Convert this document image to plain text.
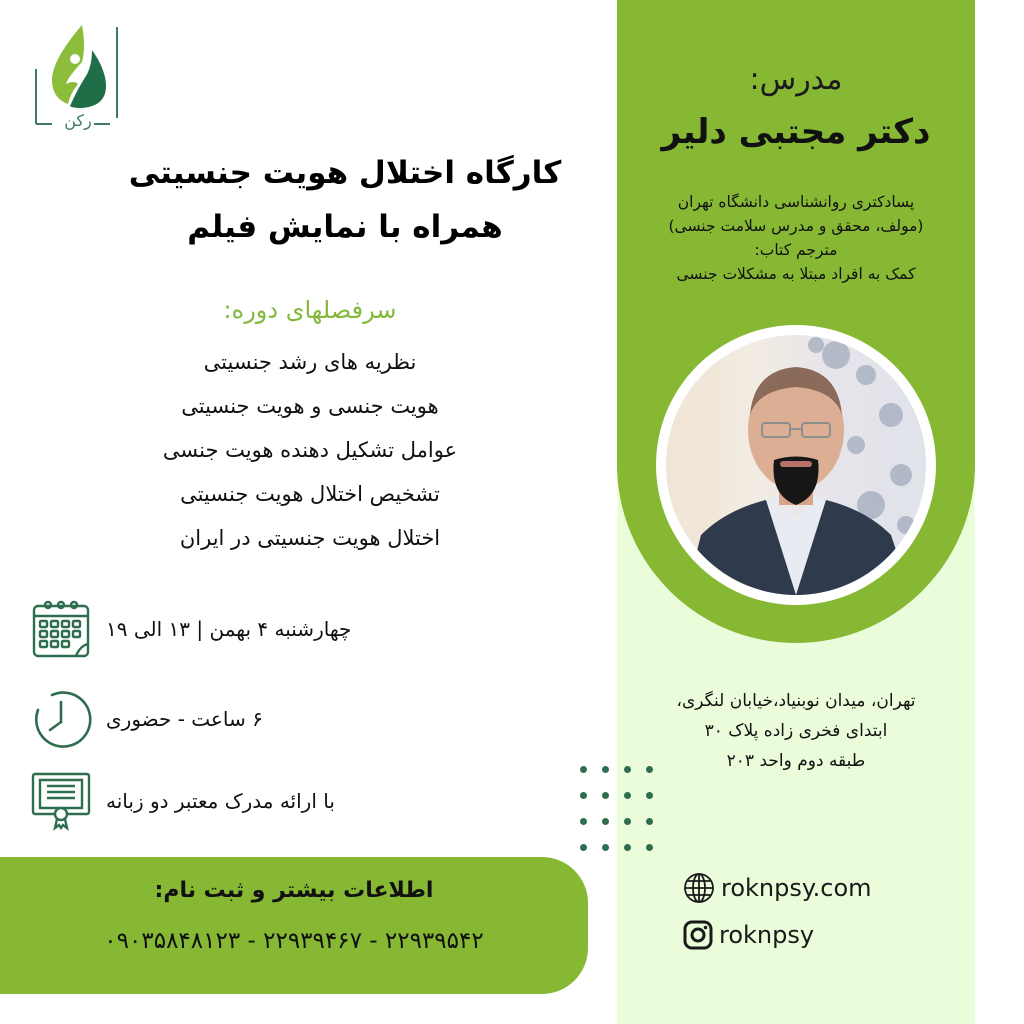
مدرس:
دکتر مجتبی دلیر
پسادکتری روانشناسی دانشگاه تهران
(مولف، محقق و مدرس سلامت جنسی)
مترجم کتاب:
کمک به افراد مبتلا به مشکلات جنسی
تهران، میدان نوبنیاد،خیابان لنگری،
ابتدای فخری زاده پلاک ۳۰
طبقه دوم واحد ۲۰۳
roknpsy.com
roknpsy
رکن
کارگاه اختلال هویت جنسیتی
همراه با نمایش فیلم
سرفصلهای دوره:
نظریه های رشد جنسیتی
هویت جنسی و هویت جنسیتی
عوامل تشکیل دهنده هویت جنسی
تشخیص اختلال هویت جنسیتی
اختلال هویت جنسیتی در ایران
چهارشنبه ۴ بهمن | ۱۳ الی ۱۹
۶ ساعت - حضوری
با ارائه مدرک معتبر دو زبانه
اطلاعات بیشتر و ثبت نام:
۰۹۰۳۵۸۴۸۱۲۳ - ۲۲۹۳۹۴۶۷ - ۲۲۹۳۹۵۴۲
